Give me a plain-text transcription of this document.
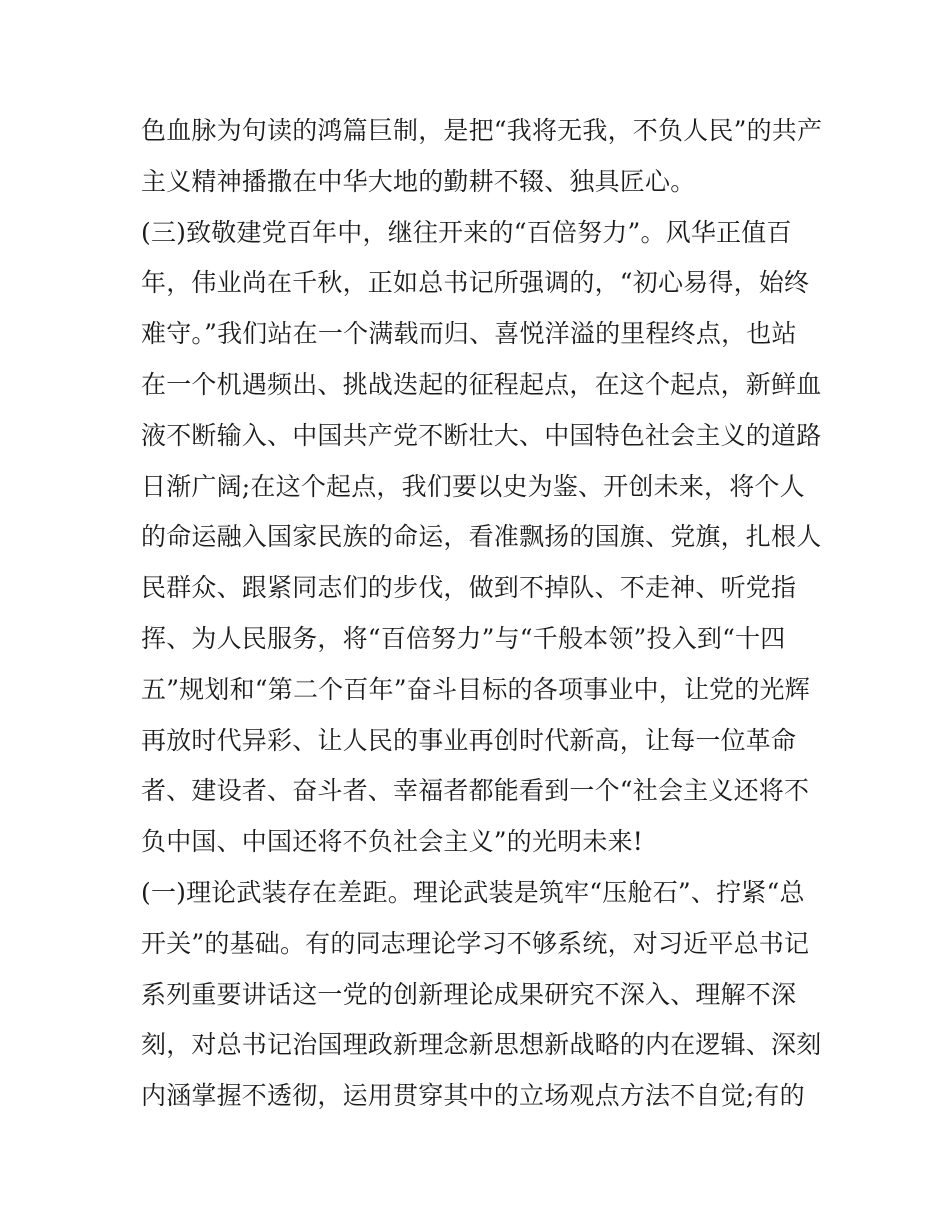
色血脉为句读的鸿篇巨制，是把“我将无我，不负人民”的共产
主义精神播撒在中华大地的勤耕不辍、独具匠心。
(三)致敬建党百年中，继往开来的“百倍努力”。风华正值百
年，伟业尚在千秋，正如总书记所强调的，“初心易得，始终
难守。”我们站在一个满载而归、喜悦洋溢的里程终点，也站
在一个机遇频出、挑战迭起的征程起点，在这个起点，新鲜血
液不断输入、中国共产党不断壮大、中国特色社会主义的道路
日渐广阔;在这个起点，我们要以史为鉴、开创未来，将个人
的命运融入国家民族的命运，看准飘扬的国旗、党旗，扎根人
民群众、跟紧同志们的步伐，做到不掉队、不走神、听党指
挥、为人民服务，将“百倍努力”与“千般本领”投入到“十四
五”规划和“第二个百年”奋斗目标的各项事业中，让党的光辉
再放时代异彩、让人民的事业再创时代新高，让每一位革命
者、建设者、奋斗者、幸福者都能看到一个“社会主义还将不
负中国、中国还将不负社会主义”的光明未来!
(一)理论武装存在差距。理论武装是筑牢“压舱石”、拧紧“总
开关”的基础。有的同志理论学习不够系统，对习近平总书记
系列重要讲话这一党的创新理论成果研究不深入、理解不深
刻，对总书记治国理政新理念新思想新战略的内在逻辑、深刻
内涵掌握不透彻，运用贯穿其中的立场观点方法不自觉;有的
